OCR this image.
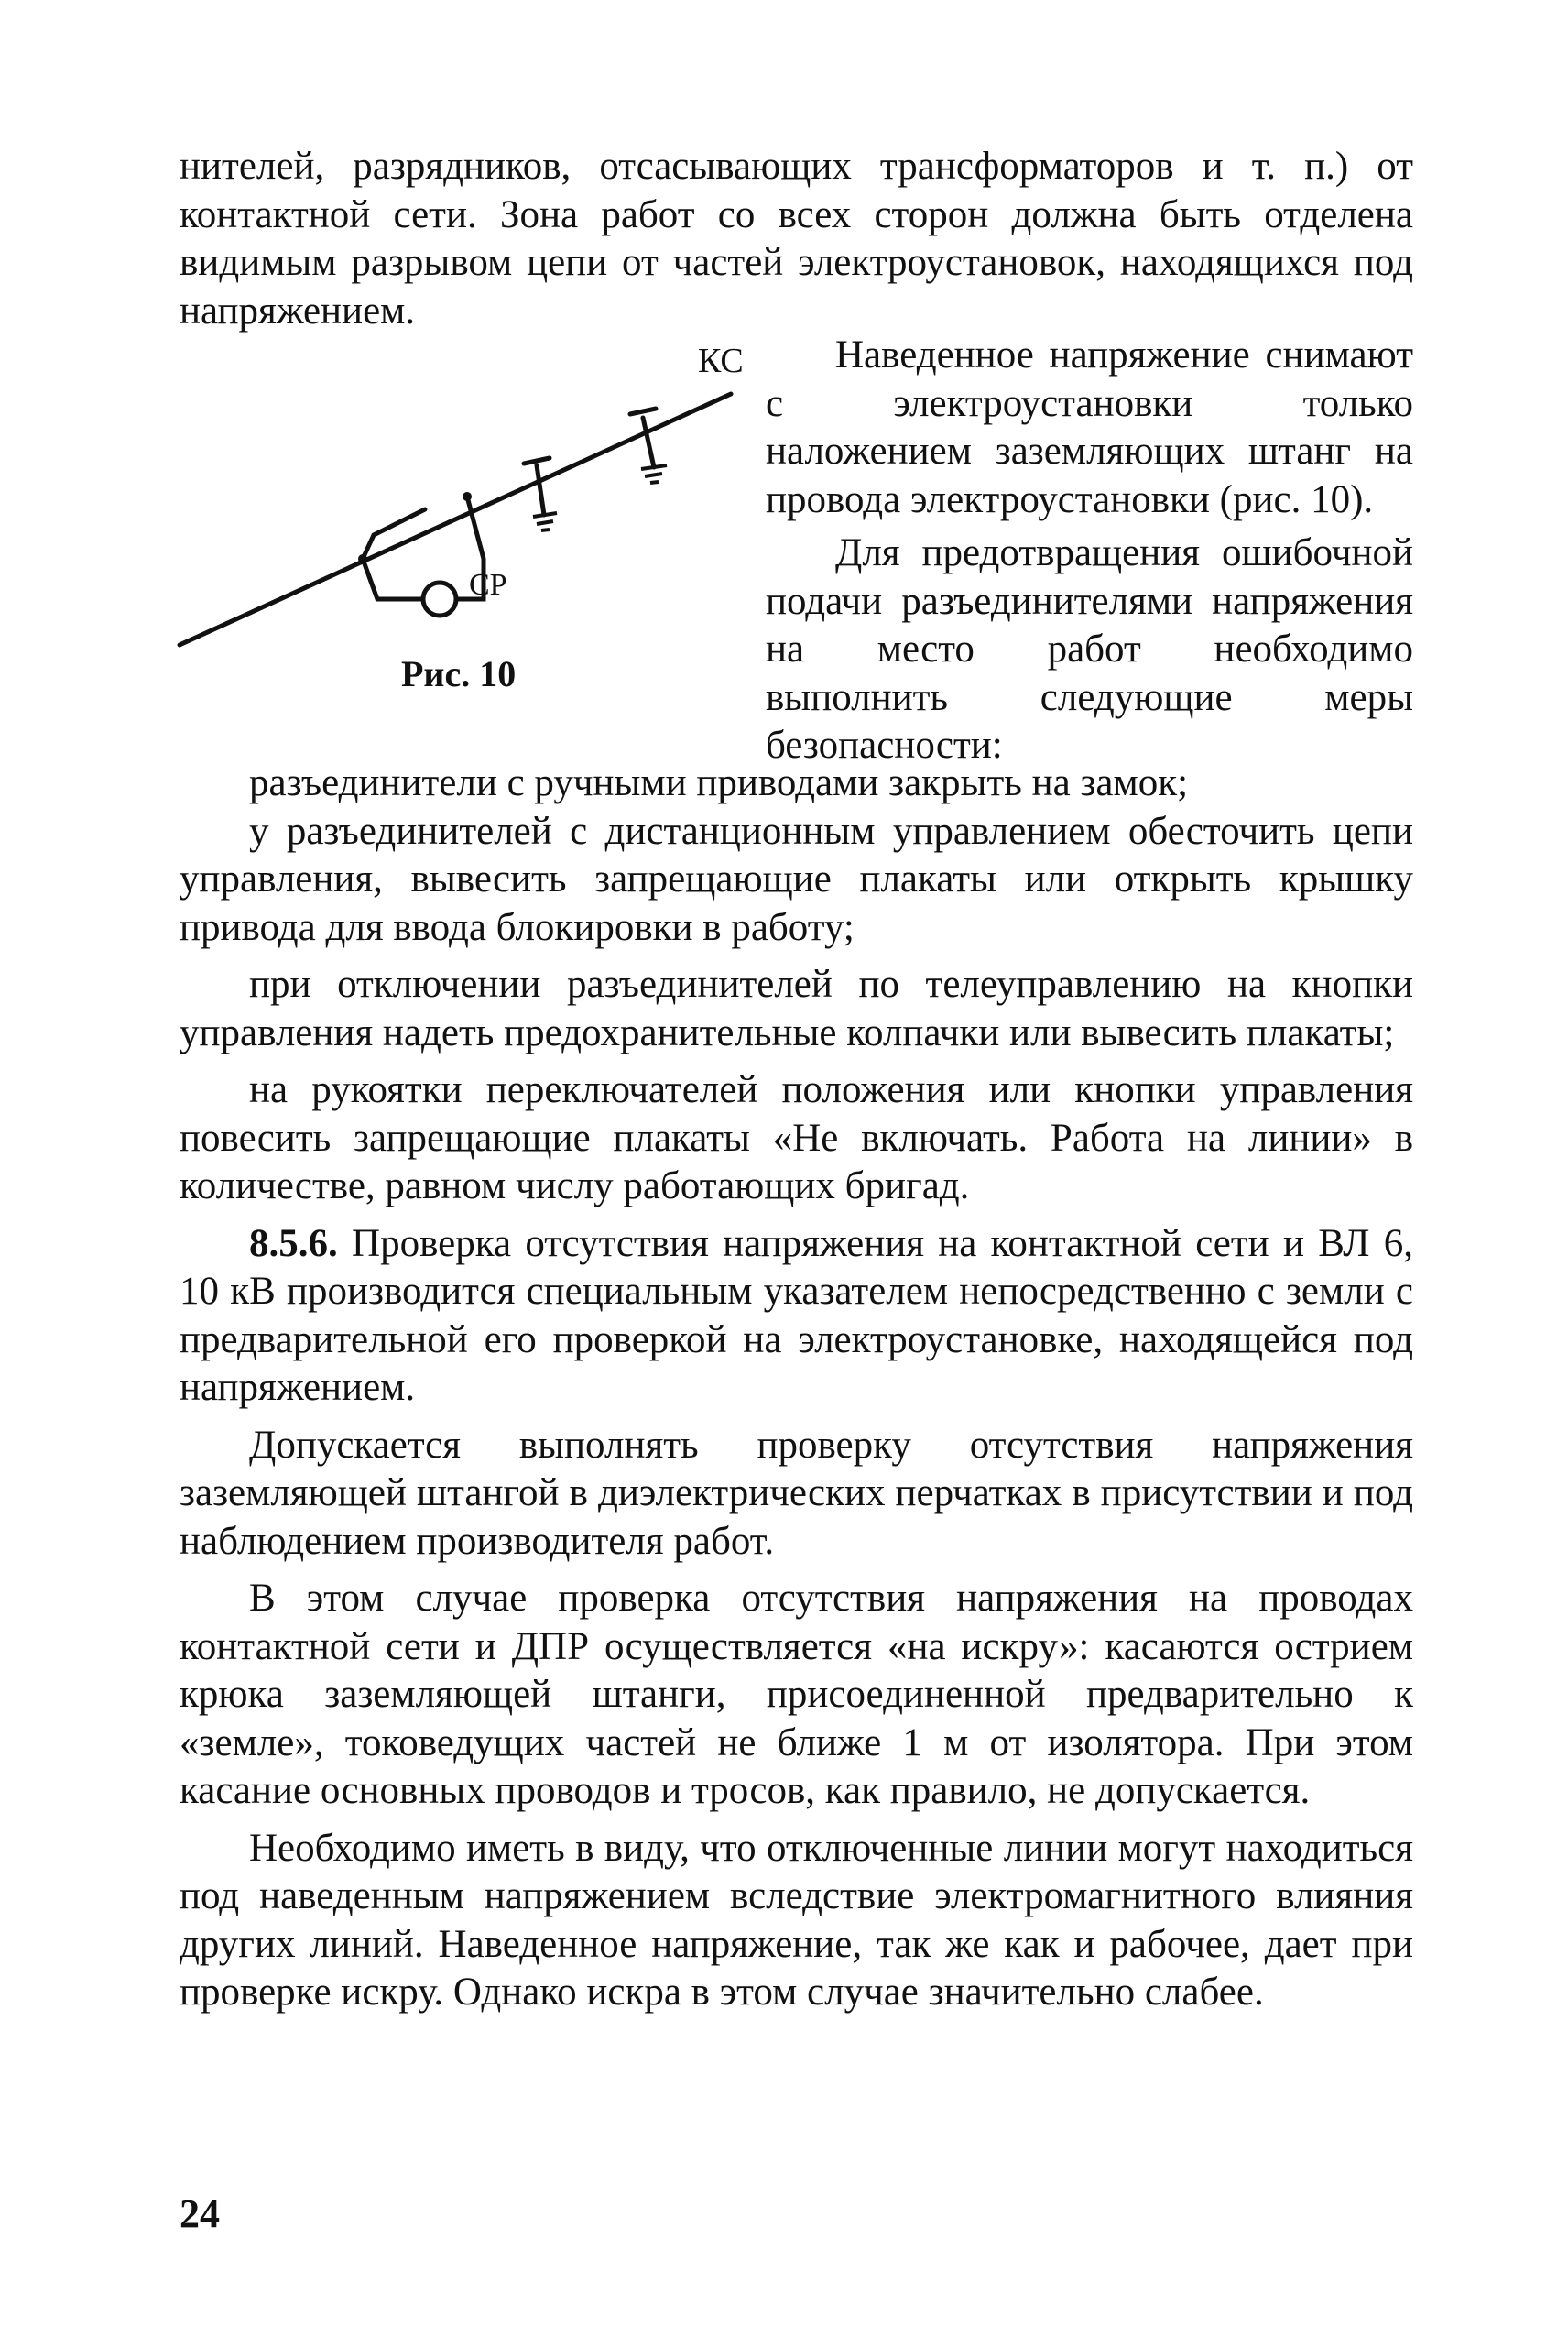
нителей, разрядников, отсасывающих трансформаторов и т. п.) от контактной сети. Зона работ со всех сторон должна быть отделена видимым разрывом цепи от частей электроустановок, находящихся под напряжением.

КС
СР
Рис. 10

Наведенное напряжение снимают с электроустановки только наложением заземляющих штанг на провода электроустановки (рис. 10).

Для предотвращения ошибочной подачи разъединителями напряжения на место работ необходимо выполнить следующие меры безопасности:

разъединители с ручными приводами закрыть на замок;

у разъединителей с дистанционным управлением обесточить цепи управления, вывесить запрещающие плакаты или открыть крышку привода для ввода блокировки в работу;

при отключении разъединителей по телеуправлению на кнопки управления надеть предохранительные колпачки или вывесить плакаты;

на рукоятки переключателей положения или кнопки управления повесить запрещающие плакаты «Не включать. Работа на линии» в количестве, равном числу работающих бригад.

8.5.6. Проверка отсутствия напряжения на контактной сети и ВЛ 6, 10 кВ производится специальным указателем непосредственно с земли с предварительной его проверкой на электроустановке, находящейся под напряжением.

Допускается выполнять проверку отсутствия напряжения заземляющей штангой в диэлектрических перчатках в присутствии и под наблюдением производителя работ.

В этом случае проверка отсутствия напряжения на проводах контактной сети и ДПР осуществляется «на искру»: касаются острием крюка заземляющей штанги, присоединенной предварительно к «земле», токоведущих частей не ближе 1 м от изолятора. При этом касание основных проводов и тросов, как правило, не допускается.

Необходимо иметь в виду, что отключенные линии могут находиться под наведенным напряжением вследствие электромагнитного влияния других линий. Наведенное напряжение, так же как и рабочее, дает при проверке искру. Однако искра в этом случае значительно слабее.

24
